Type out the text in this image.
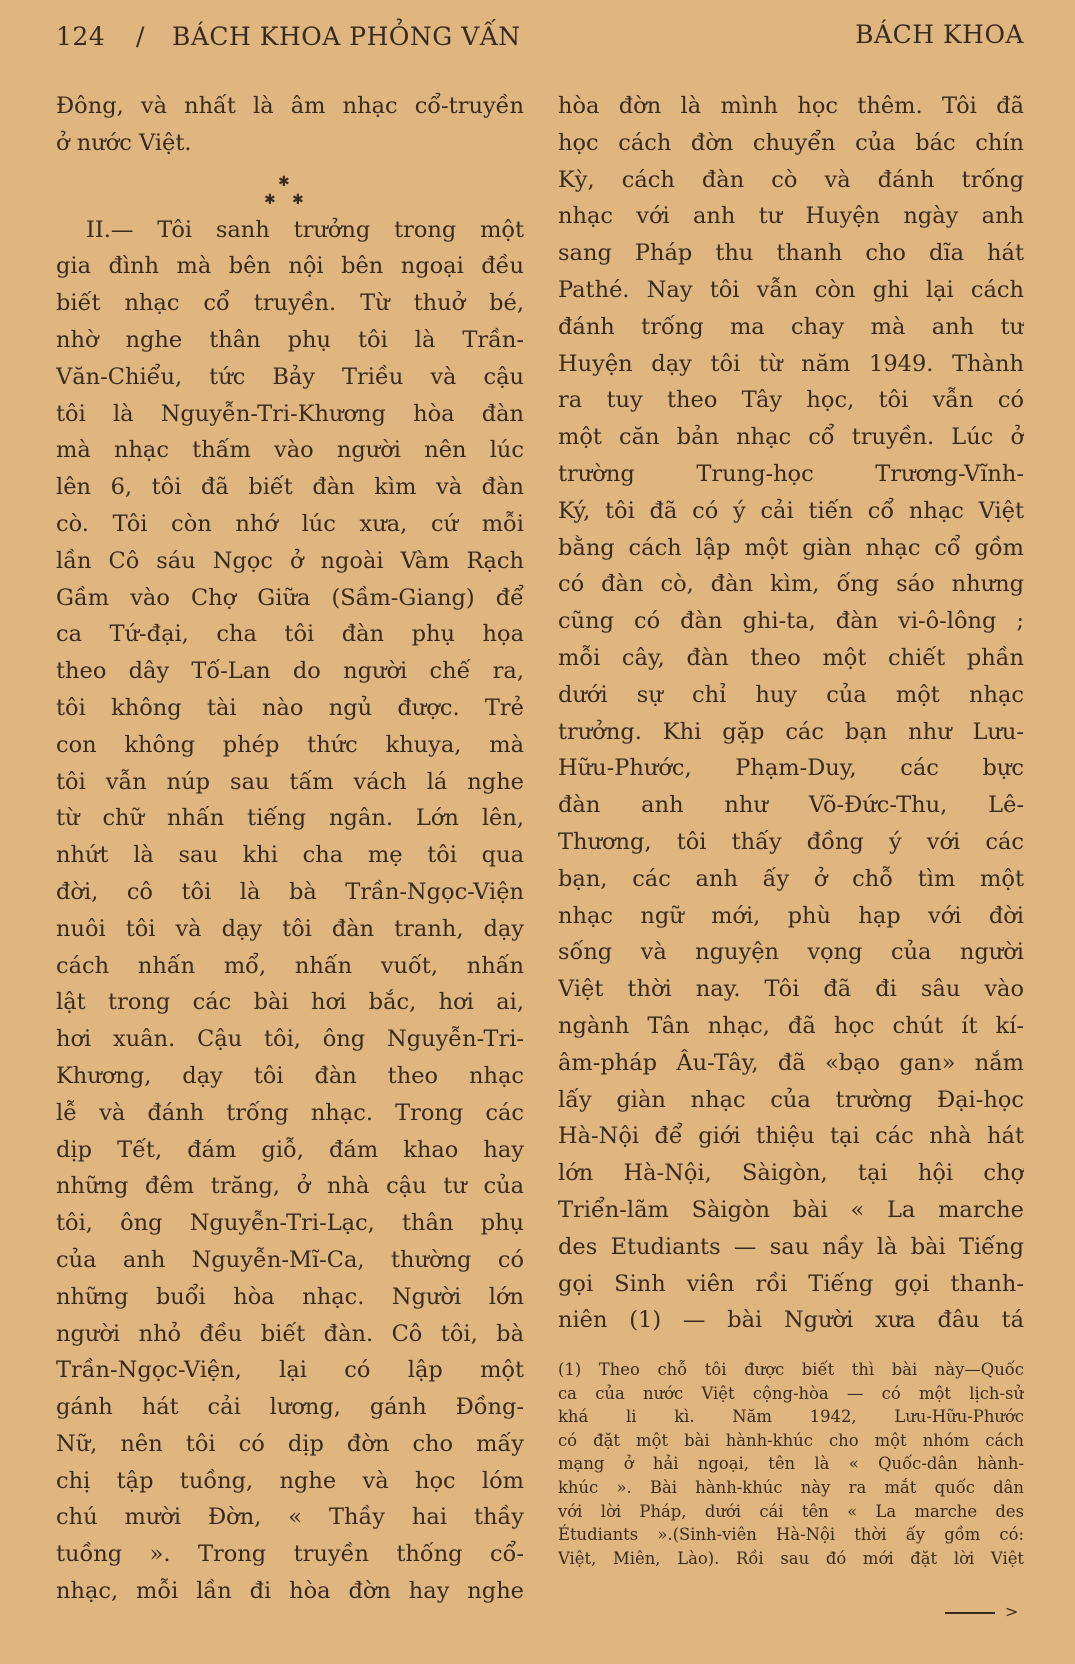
124 / BÁCH KHOA PHỎNG VẤN	BÁCH KHOA
Đông, và nhất là âm nhạc cổ-truyền
ở nước Việt.
✱
✱ ✱
II.— Tôi sanh trưởng trong một
gia đình mà bên nội bên ngoại đều
biết nhạc cổ truyền. Từ thuở bé,
nhờ nghe thân phụ tôi là Trần-
Văn-Chiểu, tức Bảy Triều và cậu
tôi là Nguyễn-Tri-Khương hòa đàn
mà nhạc thấm vào người nên lúc
lên 6, tôi đã biết đàn kìm và đàn
cò. Tôi còn nhớ lúc xưa, cứ mỗi
lần Cô sáu Ngọc ở ngoài Vàm Rạch
Gầm vào Chợ Giữa (Sầm-Giang) để
ca Tứ-đại, cha tôi đàn phụ họa
theo dây Tố-Lan do người chế ra,
tôi không tài nào ngủ được. Trẻ
con không phép thức khuya, mà
tôi vẫn núp sau tấm vách lá nghe
từ chữ nhấn tiếng ngân. Lớn lên,
nhứt là sau khi cha mẹ tôi qua
đời, cô tôi là bà Trần-Ngọc-Viện
nuôi tôi và dạy tôi đàn tranh, dạy
cách nhấn mổ, nhấn vuốt, nhấn
lật trong các bài hơi bắc, hơi ai,
hơi xuân. Cậu tôi, ông Nguyễn-Tri-
Khương, dạy tôi đàn theo nhạc
lễ và đánh trống nhạc. Trong các
dịp Tết, đám giỗ, đám khao hay
những đêm trăng, ở nhà cậu tư của
tôi, ông Nguyễn-Tri-Lạc, thân phụ
của anh Nguyễn-Mĩ-Ca, thường có
những buổi hòa nhạc. Người lớn
người nhỏ đều biết đàn. Cô tôi, bà
Trần-Ngọc-Viện, lại có lập một
gánh hát cải lương, gánh Đồng-
Nữ, nên tôi có dịp đờn cho mấy
chị tập tuồng, nghe và học lóm
chú mười Đờn, « Thầy hai thầy
tuồng ». Trong truyền thống cổ-
nhạc, mỗi lần đi hòa đờn hay nghe
hòa đờn là mình học thêm. Tôi đã
học cách đờn chuyển của bác chín
Kỳ, cách đàn cò và đánh trống
nhạc với anh tư Huyện ngày anh
sang Pháp thu thanh cho dĩa hát
Pathé. Nay tôi vẫn còn ghi lại cách
đánh trống ma chay mà anh tư
Huyện dạy tôi từ năm 1949. Thành
ra tuy theo Tây học, tôi vẫn có
một căn bản nhạc cổ truyền. Lúc ở
trường Trung-học Trương-Vĩnh-
Ký, tôi đã có ý cải tiến cổ nhạc Việt
bằng cách lập một giàn nhạc cổ gồm
có đàn cò, đàn kìm, ống sáo nhưng
cũng có đàn ghi-ta, đàn vi-ô-lông ;
mỗi cây, đàn theo một chiết phần
dưới sự chỉ huy của một nhạc
trưởng. Khi gặp các bạn như Lưu-
Hữu-Phước, Phạm-Duy, các bực
đàn anh như Võ-Đức-Thu, Lê-
Thương, tôi thấy đồng ý với các
bạn, các anh ấy ở chỗ tìm một
nhạc ngữ mới, phù hạp với đời
sống và nguyện vọng của người
Việt thời nay. Tôi đã đi sâu vào
ngành Tân nhạc, đã học chút ít kí-
âm-pháp Âu-Tây, đã «bạo gan» nắm
lấy giàn nhạc của trường Đại-học
Hà-Nội để giới thiệu tại các nhà hát
lớn Hà-Nội, Sàigòn, tại hội chợ
Triển-lãm Sàigòn bài « La marche
des Etudiants — sau nầy là bài Tiếng
gọi Sinh viên rồi Tiếng gọi thanh-
niên (1) — bài Người xưa đâu tá
(1) Theo chỗ tôi được biết thì bài này—Quốc
ca của nước Việt cộng-hòa — có một lịch-sử
khá li kì. Năm 1942, Lưu-Hữu-Phước
có đặt một bài hành-khúc cho một nhóm cách
mạng ở hải ngoại, tên là « Quốc-dân hành-
khúc ». Bài hành-khúc này ra mắt quốc dân
với lời Pháp, dưới cái tên « La marche des
Étudiants ».(Sinh-viên Hà-Nội thời ấy gồm có:
Việt, Miên, Lào). Rồi sau đó mới đặt lời Việt
>
